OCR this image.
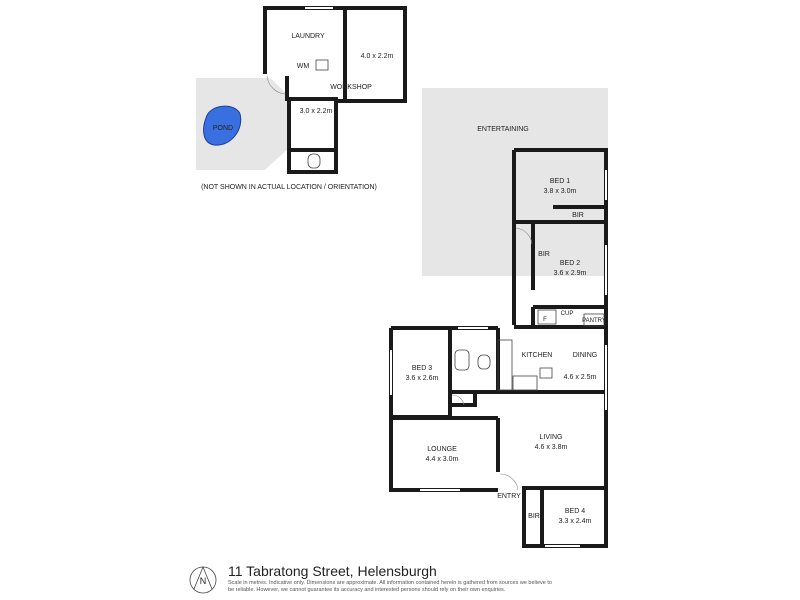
LAUNDRY
WM
4.0 x 2.2m
WORKSHOP
3.0 x 2.2m
POND
(NOT SHOWN IN ACTUAL LOCATION / ORIENTATION)
ENTERTAINING
BED 1
3.8 x 3.0m
BIR
BED 2
3.6 x 2.9m
BIR
F
CUP
PANTRY
KITCHEN	DINING
4.6 x 2.5m
BED 3
3.6 x 2.6m
LIVING
4.6 x 3.8m
LOUNGE
4.4 x 3.0m
ENTRY
BIR
BED 4
3.3 x 2.4m
N
11 Tabratong Street, Helensburgh
Scale in metres. Indicative only. Dimensions are approximate. All information contained herein is gathered from sources we believe to be reliable. However, we cannot guarantee its accuracy and interested persons should rely on their own enquiries.
